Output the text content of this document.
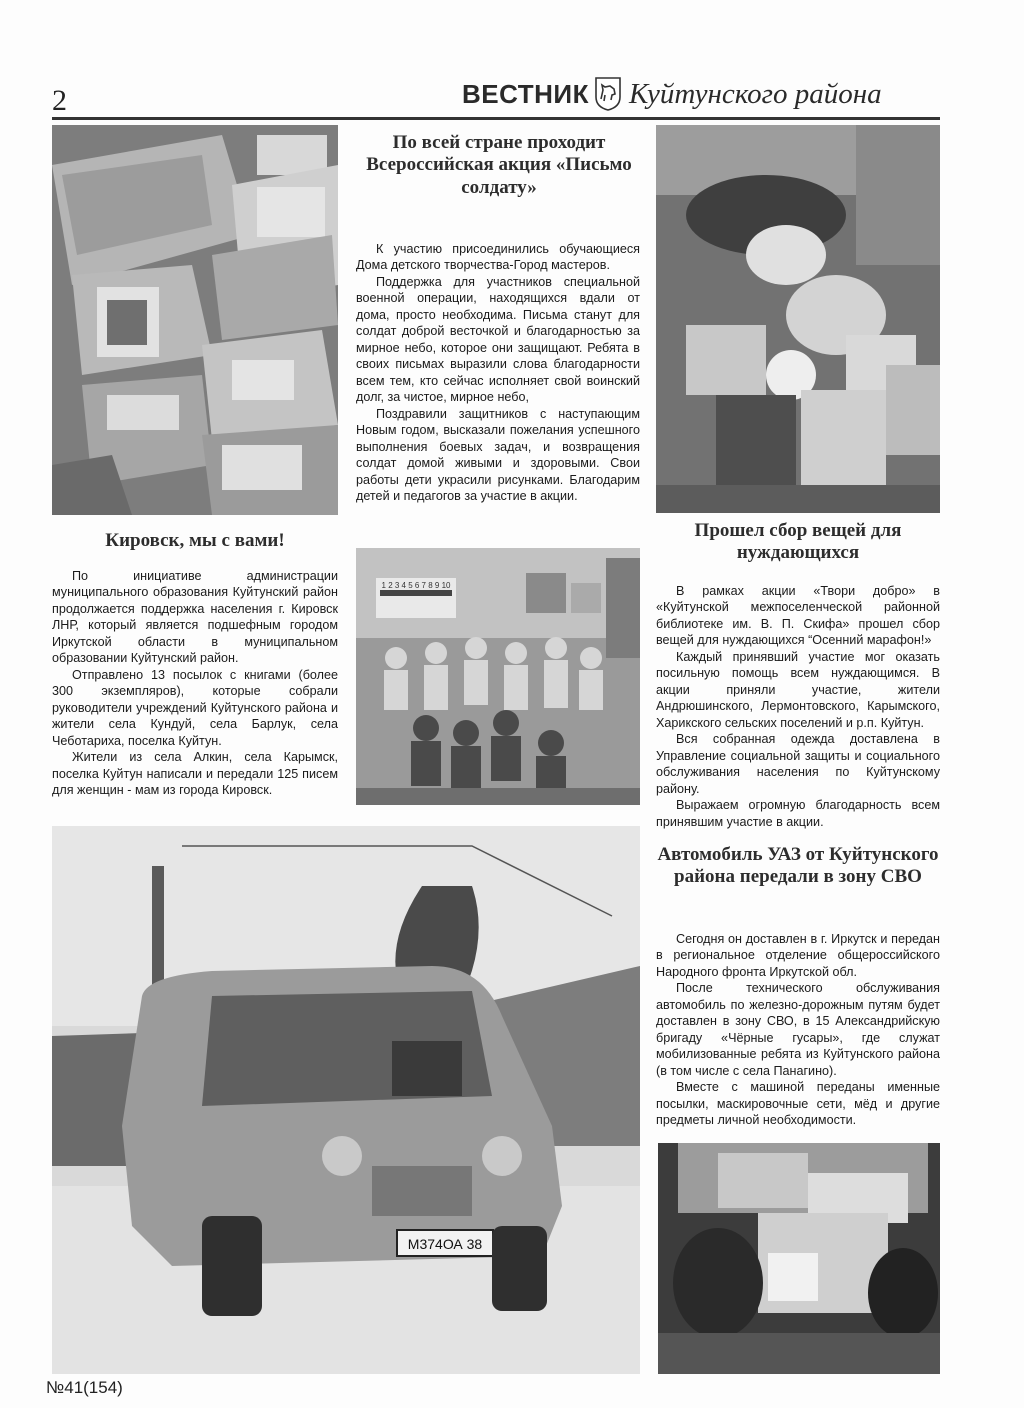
2	ВЕСТНИК Куйтунского района
Кировск, мы с вами!

По инициативе администрации муниципального образования Куйтунский район продолжается поддержка населения г. Кировск ЛНР, который является подшефным городом Иркутской области в муниципальном образовании Куйтунский район.

Отправлено 13 посылок с книгами (более 300 экземпляров), которые собрали руководители учреждений Куйтунского района и жители села Кундуй, села Барлук, села Чеботариха, поселка Куйтун.

Жители из села Алкин, села Карымск, поселка Куйтун написали и передали 125 писем для женщин - мам из города Кировск.

По всей стране проходит Всероссийская акция «Письмо солдату»

К участию присоединились обучающиеся Дома детского творчества-Город мастеров.

Поддержка для участников специальной военной операции, находящихся вдали от дома, просто необходима. Письма станут для солдат доброй весточкой и благодарностью за мирное небо, которое они защищают. Ребята в своих письмах выразили слова благодарности всем тем, кто сейчас исполняет свой воинский долг, за чистое, мирное небо,

Поздравили защитников с наступающим Новым годом, высказали пожелания успешного выполнения боевых задач, и возвращения солдат домой живыми и здоровыми. Свои работы дети украсили рисунками. Благодарим детей и педагогов за участие в акции.

1 2 3 4 5 6 7 8 9 10
Прошел сбор вещей для нуждающихся

В рамках акции «Твори добро» в «Куйтунской межпоселенческой районной библиотеке им. В. П. Скифа» прошел сбор вещей для нуждающихся “Осенний марафон!»

Каждый принявший участие мог оказать посильную помощь всем нуждающимся. В акции приняли участие, жители Андрюшинского, Лермонтовского, Карымского, Харикского сельских поселений и р.п. Куйтун.

Вся собранная одежда доставлена в Управление социальной защиты и социального обслуживания населения по Куйтунскому району.

Выражаем огромную благодарность всем принявшим участие в акции.

М374ОА 38
Автомобиль УАЗ от Куйтунского района передали в зону СВО

Сегодня он доставлен в г. Иркутск и передан в региональное отделение общероссийского Народного фронта Иркутской обл.

После технического обслуживания автомобиль по железно-дорожным путям будет доставлен в зону СВО, в 15 Александрийскую бригаду «Чёрные гусары», где служат мобилизованные ребята из Куйтунского района (в том числе с села Панагино).

Вместе с машиной переданы именные посылки, маскировочные сети, мёд и другие предметы личной необходимости.

№41(154)
